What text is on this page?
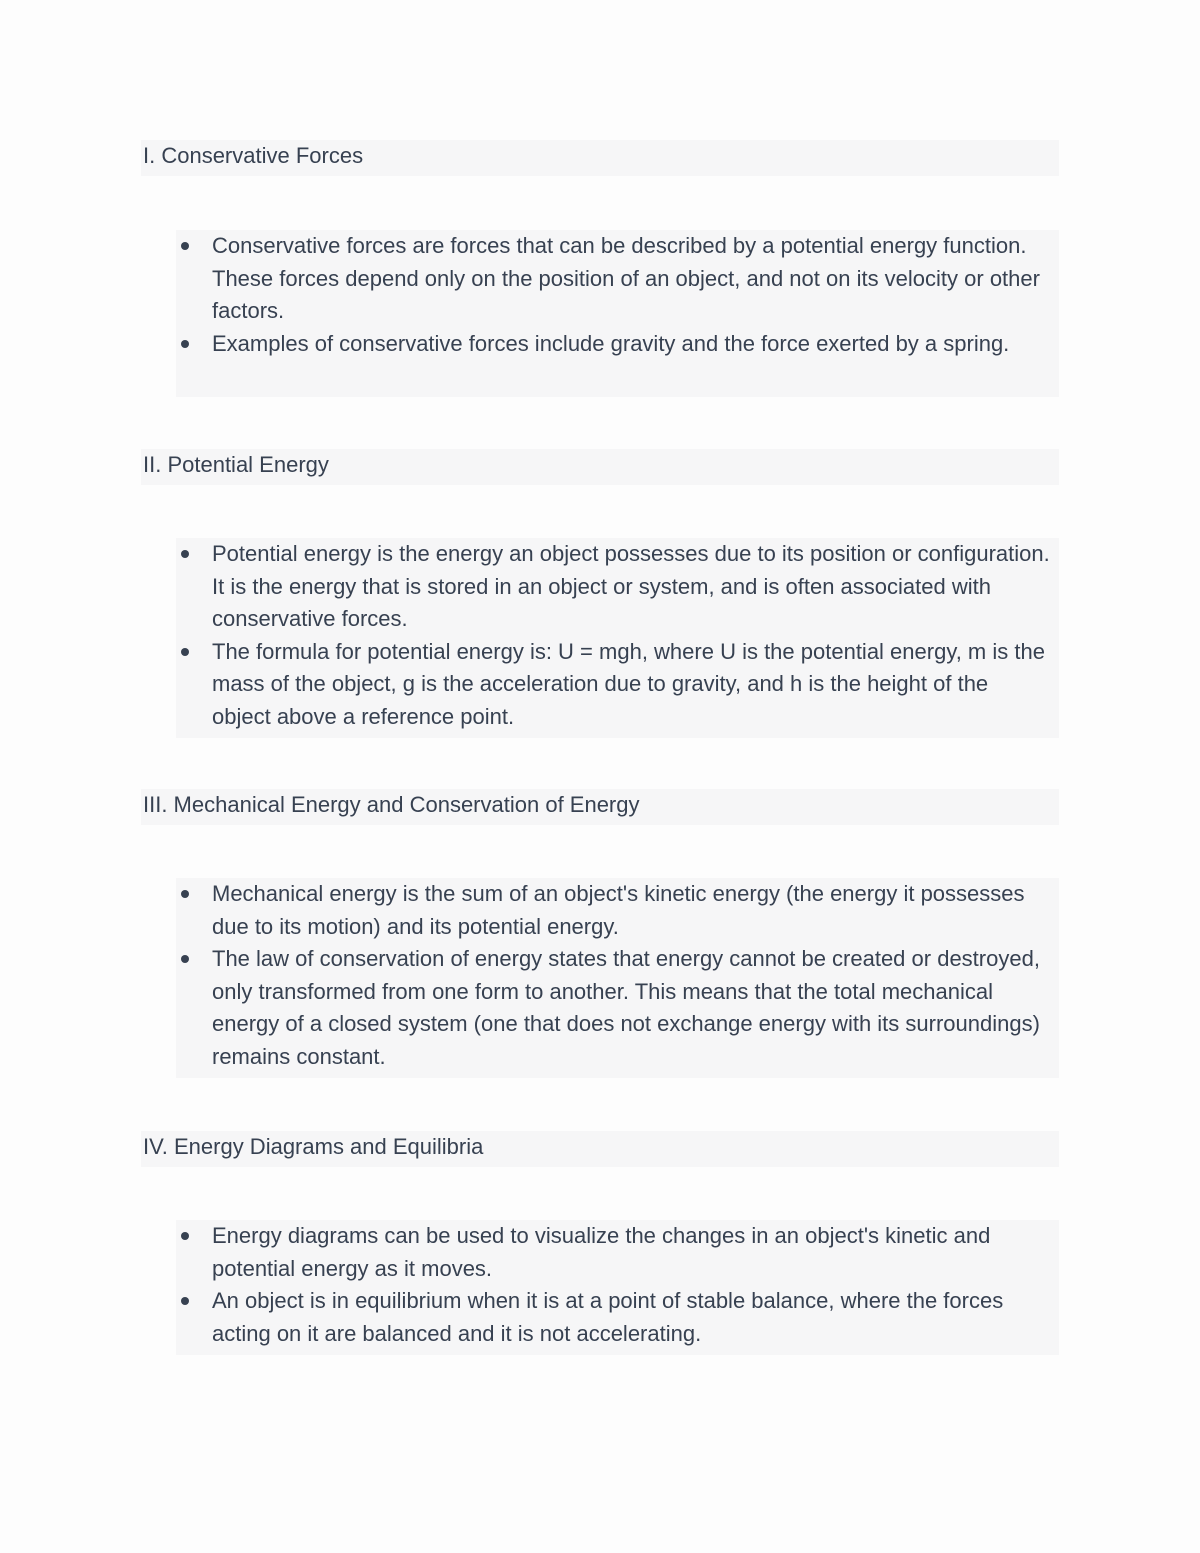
I. Conservative Forces
Conservative forces are forces that can be described by a potential energy function. These forces depend only on the position of an object, and not on its velocity or other factors.
Examples of conservative forces include gravity and the force exerted by a spring.
II. Potential Energy
Potential energy is the energy an object possesses due to its position or configuration. It is the energy that is stored in an object or system, and is often associated with conservative forces.
The formula for potential energy is: U = mgh, where U is the potential energy, m is the mass of the object, g is the acceleration due to gravity, and h is the height of the object above a reference point.
III. Mechanical Energy and Conservation of Energy
Mechanical energy is the sum of an object's kinetic energy (the energy it possesses due to its motion) and its potential energy.
The law of conservation of energy states that energy cannot be created or destroyed, only transformed from one form to another. This means that the total mechanical energy of a closed system (one that does not exchange energy with its surroundings) remains constant.
IV. Energy Diagrams and Equilibria
Energy diagrams can be used to visualize the changes in an object's kinetic and potential energy as it moves.
An object is in equilibrium when it is at a point of stable balance, where the forces acting on it are balanced and it is not accelerating.
